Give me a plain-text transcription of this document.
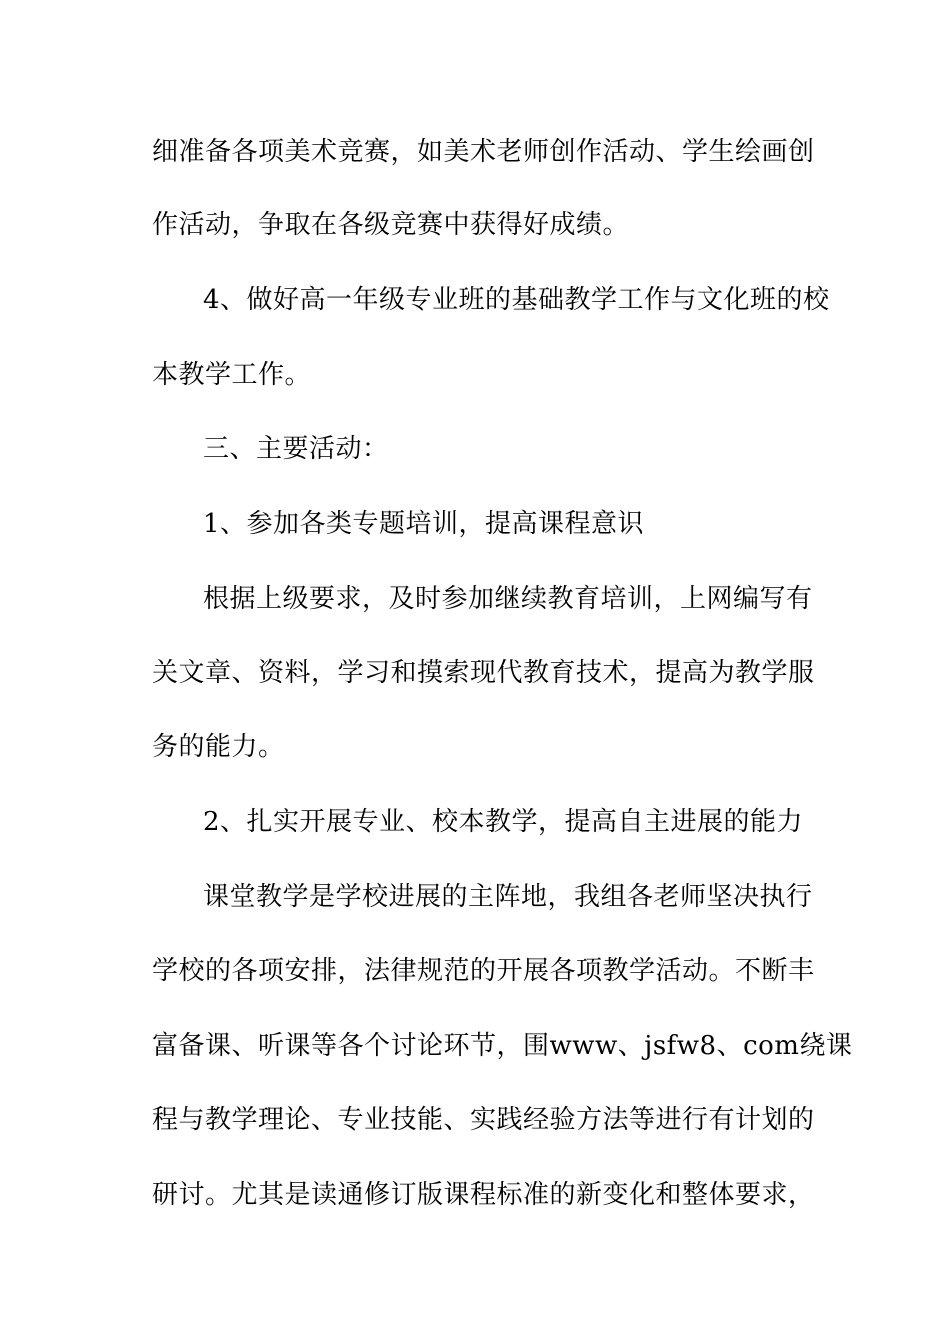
细准备各项美术竞赛，如美术老师创作活动、学生绘画创
作活动，争取在各级竞赛中获得好成绩。
4、做好高一年级专业班的基础教学工作与文化班的校
本教学工作。
三、主要活动：
1、参加各类专题培训，提高课程意识
根据上级要求，及时参加继续教育培训，上网编写有
关文章、资料，学习和摸索现代教育技术，提高为教学服
务的能力。
2、扎实开展专业、校本教学，提高自主进展的能力
课堂教学是学校进展的主阵地，我组各老师坚决执行
学校的各项安排，法律规范的开展各项教学活动。不断丰
富备课、听课等各个讨论环节，围www、jsfw8、com绕课
程与教学理论、专业技能、实践经验方法等进行有计划的
研讨。尤其是读通修订版课程标准的新变化和整体要求，
